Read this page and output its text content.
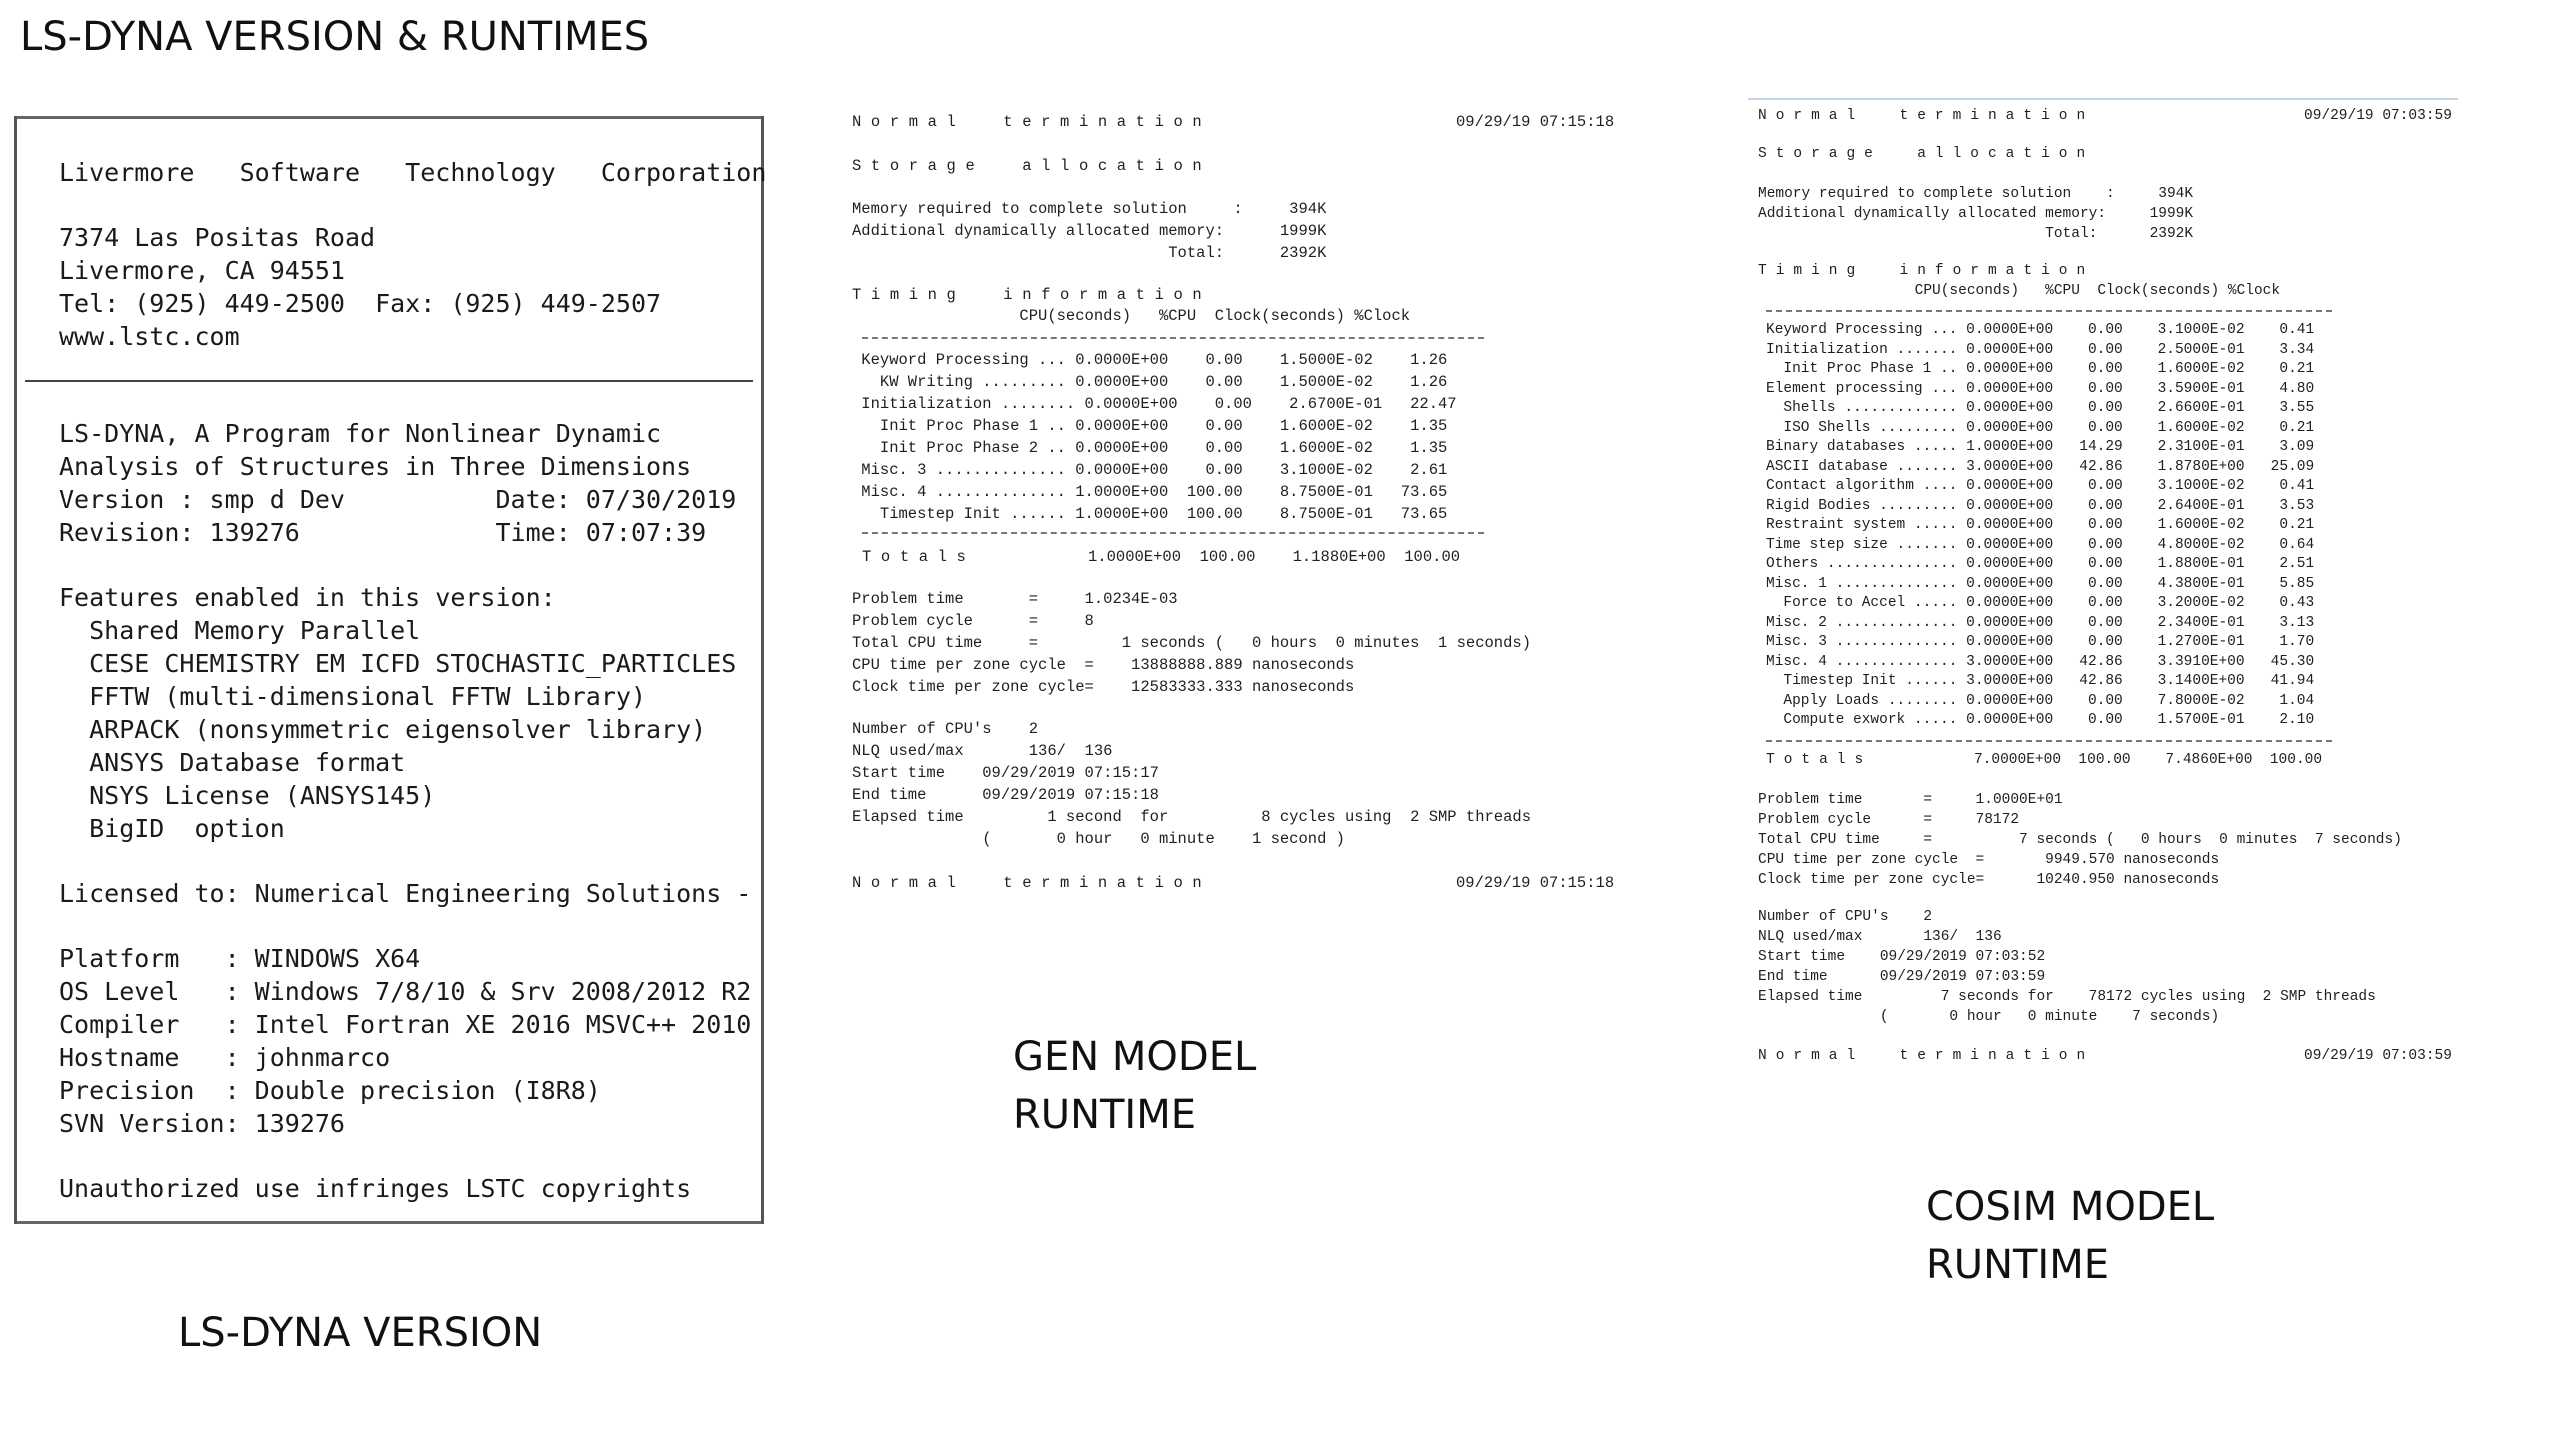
LS-DYNA VERSION & RUNTIMES
Livermore   Software   Technology   Corporation
7374 Las Positas Road
Livermore, CA 94551
Tel: (925) 449-2500  Fax: (925) 449-2507
www.lstc.com
LS-DYNA, A Program for Nonlinear Dynamic
Analysis of Structures in Three Dimensions
Version : smp d Dev          Date: 07/30/2019
Revision: 139276             Time: 07:07:39
Features enabled in this version:
Shared Memory Parallel
CESE CHEMISTRY EM ICFD STOCHASTIC_PARTICLES
FFTW (multi-dimensional FFTW Library)
ARPACK (nonsymmetric eigensolver library)
ANSYS Database format
NSYS License (ANSYS145)
BigID  option
Licensed to: Numerical Engineering Solutions -
Platform   : WINDOWS X64
OS Level   : Windows 7/8/10 & Srv 2008/2012 R2
Compiler   : Intel Fortran XE 2016 MSVC++ 2010
Hostname   : johnmarco
Precision  : Double precision (I8R8)
SVN Version: 139276
Unauthorized use infringes LSTC copyrights
LS-DYNA VERSION
Normal  termination	09/29/19 07:15:18
Storage  allocation
Memory required to complete solution     :     394K
Additional dynamically allocated memory:      1999K
Total:      2392K
Timing  information
CPU(seconds)   %CPU  Clock(seconds) %Clock
Keyword Processing ... 0.0000E+00    0.00    1.5000E-02    1.26
KW Writing ......... 0.0000E+00    0.00    1.5000E-02    1.26
Initialization ........ 0.0000E+00    0.00    2.6700E-01   22.47
Init Proc Phase 1 .. 0.0000E+00    0.00    1.6000E-02    1.35
Init Proc Phase 2 .. 0.0000E+00    0.00    1.6000E-02    1.35
Misc. 3 .............. 0.0000E+00    0.00    3.1000E-02    2.61
Misc. 4 .............. 1.0000E+00  100.00    8.7500E-01   73.65
Timestep Init ...... 1.0000E+00  100.00    8.7500E-01   73.65
Totals	1.0000E+00  100.00    1.1880E+00  100.00
Problem time       =     1.0234E-03
Problem cycle      =     8
Total CPU time     =         1 seconds (   0 hours  0 minutes  1 seconds)
CPU time per zone cycle  =    13888888.889 nanoseconds
Clock time per zone cycle=    12583333.333 nanoseconds
Number of CPU's    2
NLQ used/max       136/  136
Start time    09/29/2019 07:15:17
End time      09/29/2019 07:15:18
Elapsed time         1 second  for          8 cycles using  2 SMP threads
(       0 hour   0 minute    1 second )
Normal  termination	09/29/19 07:15:18
GEN MODEL
RUNTIME
Normal  termination	09/29/19 07:03:59
Storage  allocation
Memory required to complete solution    :     394K
Additional dynamically allocated memory:     1999K
Total:      2392K
Timing  information
CPU(seconds)   %CPU  Clock(seconds) %Clock
Keyword Processing ... 0.0000E+00    0.00    3.1000E-02    0.41
Initialization ....... 0.0000E+00    0.00    2.5000E-01    3.34
Init Proc Phase 1 .. 0.0000E+00    0.00    1.6000E-02    0.21
Element processing ... 0.0000E+00    0.00    3.5900E-01    4.80
Shells ............. 0.0000E+00    0.00    2.6600E-01    3.55
ISO Shells ......... 0.0000E+00    0.00    1.6000E-02    0.21
Binary databases ..... 1.0000E+00   14.29    2.3100E-01    3.09
ASCII database ....... 3.0000E+00   42.86    1.8780E+00   25.09
Contact algorithm .... 0.0000E+00    0.00    3.1000E-02    0.41
Rigid Bodies ......... 0.0000E+00    0.00    2.6400E-01    3.53
Restraint system ..... 0.0000E+00    0.00    1.6000E-02    0.21
Time step size ....... 0.0000E+00    0.00    4.8000E-02    0.64
Others ............... 0.0000E+00    0.00    1.8800E-01    2.51
Misc. 1 .............. 0.0000E+00    0.00    4.3800E-01    5.85
Force to Accel ..... 0.0000E+00    0.00    3.2000E-02    0.43
Misc. 2 .............. 0.0000E+00    0.00    2.3400E-01    3.13
Misc. 3 .............. 0.0000E+00    0.00    1.2700E-01    1.70
Misc. 4 .............. 3.0000E+00   42.86    3.3910E+00   45.30
Timestep Init ...... 3.0000E+00   42.86    3.1400E+00   41.94
Apply Loads ........ 0.0000E+00    0.00    7.8000E-02    1.04
Compute exwork ..... 0.0000E+00    0.00    1.5700E-01    2.10
Totals	7.0000E+00  100.00    7.4860E+00  100.00
Problem time       =     1.0000E+01
Problem cycle      =     78172
Total CPU time     =          7 seconds (   0 hours  0 minutes  7 seconds)
CPU time per zone cycle  =       9949.570 nanoseconds
Clock time per zone cycle=      10240.950 nanoseconds
Number of CPU's    2
NLQ used/max       136/  136
Start time    09/29/2019 07:03:52
End time      09/29/2019 07:03:59
Elapsed time         7 seconds for    78172 cycles using  2 SMP threads
(       0 hour   0 minute    7 seconds)
Normal  termination	09/29/19 07:03:59
COSIM MODEL
RUNTIME
